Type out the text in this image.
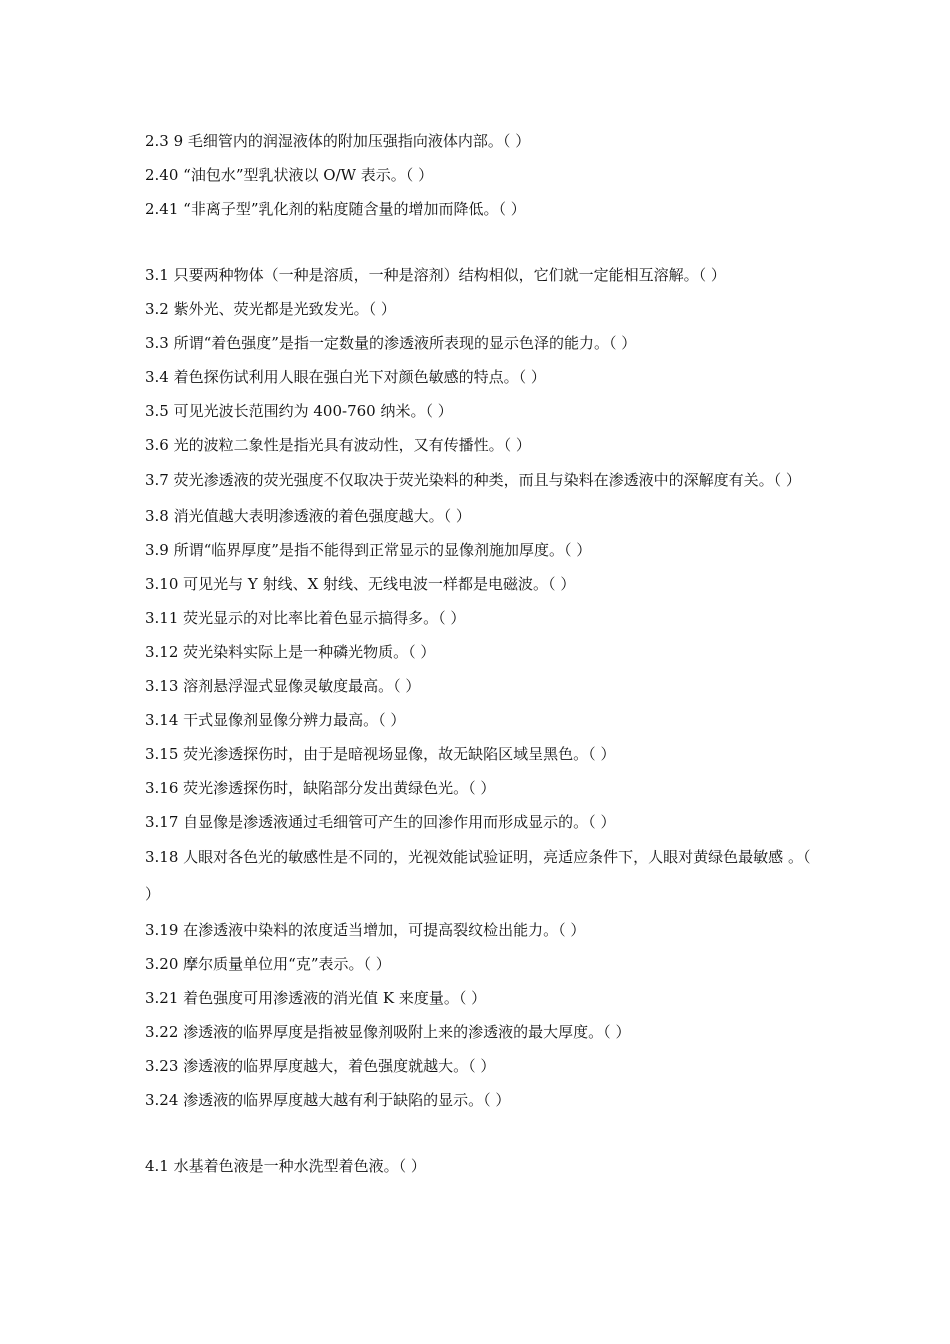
2.3 9 毛细管内的润湿液体的附加压强指向液体内部。（ ）
2.40 “油包水”型乳状液以 O/W 表示。（ ）
2.41 “非离子型”乳化剂的粘度随含量的增加而降低。（ ）
3.1 只要两种物体（一种是溶质，一种是溶剂）结构相似，它们就一定能相互溶解。（ ）
3.2 紫外光、荧光都是光致发光。（ ）
3.3 所谓“着色强度”是指一定数量的渗透液所表现的显示色泽的能力。（ ）
3.4 着色探伤试利用人眼在强白光下对颜色敏感的特点。（ ）
3.5 可见光波长范围约为 400-760 纳米。（ ）
3.6 光的波粒二象性是指光具有波动性，又有传播性。（ ）
3.7 荧光渗透液的荧光强度不仅取决于荧光染料的种类，而且与染料在渗透液中的深解度有关。（ ）
3.8 消光值越大表明渗透液的着色强度越大。（ ）
3.9 所谓“临界厚度”是指不能得到正常显示的显像剂施加厚度。（ ）
3.10 可见光与 Y 射线、X 射线、无线电波一样都是电磁波。（ ）
3.11 荧光显示的对比率比着色显示搞得多。（ ）
3.12 荧光染料实际上是一种磷光物质。（ ）
3.13 溶剂悬浮湿式显像灵敏度最高。（ ）
3.14 干式显像剂显像分辨力最高。（ ）
3.15 荧光渗透探伤时，由于是暗视场显像，故无缺陷区域呈黑色。（ ）
3.16 荧光渗透探伤时，缺陷部分发出黄绿色光。（ ）
3.17 自显像是渗透液通过毛细管可产生的回渗作用而形成显示的。（ ）
3.18 人眼对各色光的敏感性是不同的，光视效能试验证明，亮适应条件下，人眼对黄绿色最敏感 。（ ）
3.19 在渗透液中染料的浓度适当增加，可提高裂纹检出能力。（ ）
3.20 摩尔质量单位用“克”表示。（ ）
3.21 着色强度可用渗透液的消光值 K 来度量。（ ）
3.22 渗透液的临界厚度是指被显像剂吸附上来的渗透液的最大厚度。（ ）
3.23 渗透液的临界厚度越大，着色强度就越大。（ ）
3.24 渗透液的临界厚度越大越有利于缺陷的显示。（ ）
4.1 水基着色液是一种水洗型着色液。（ ）
